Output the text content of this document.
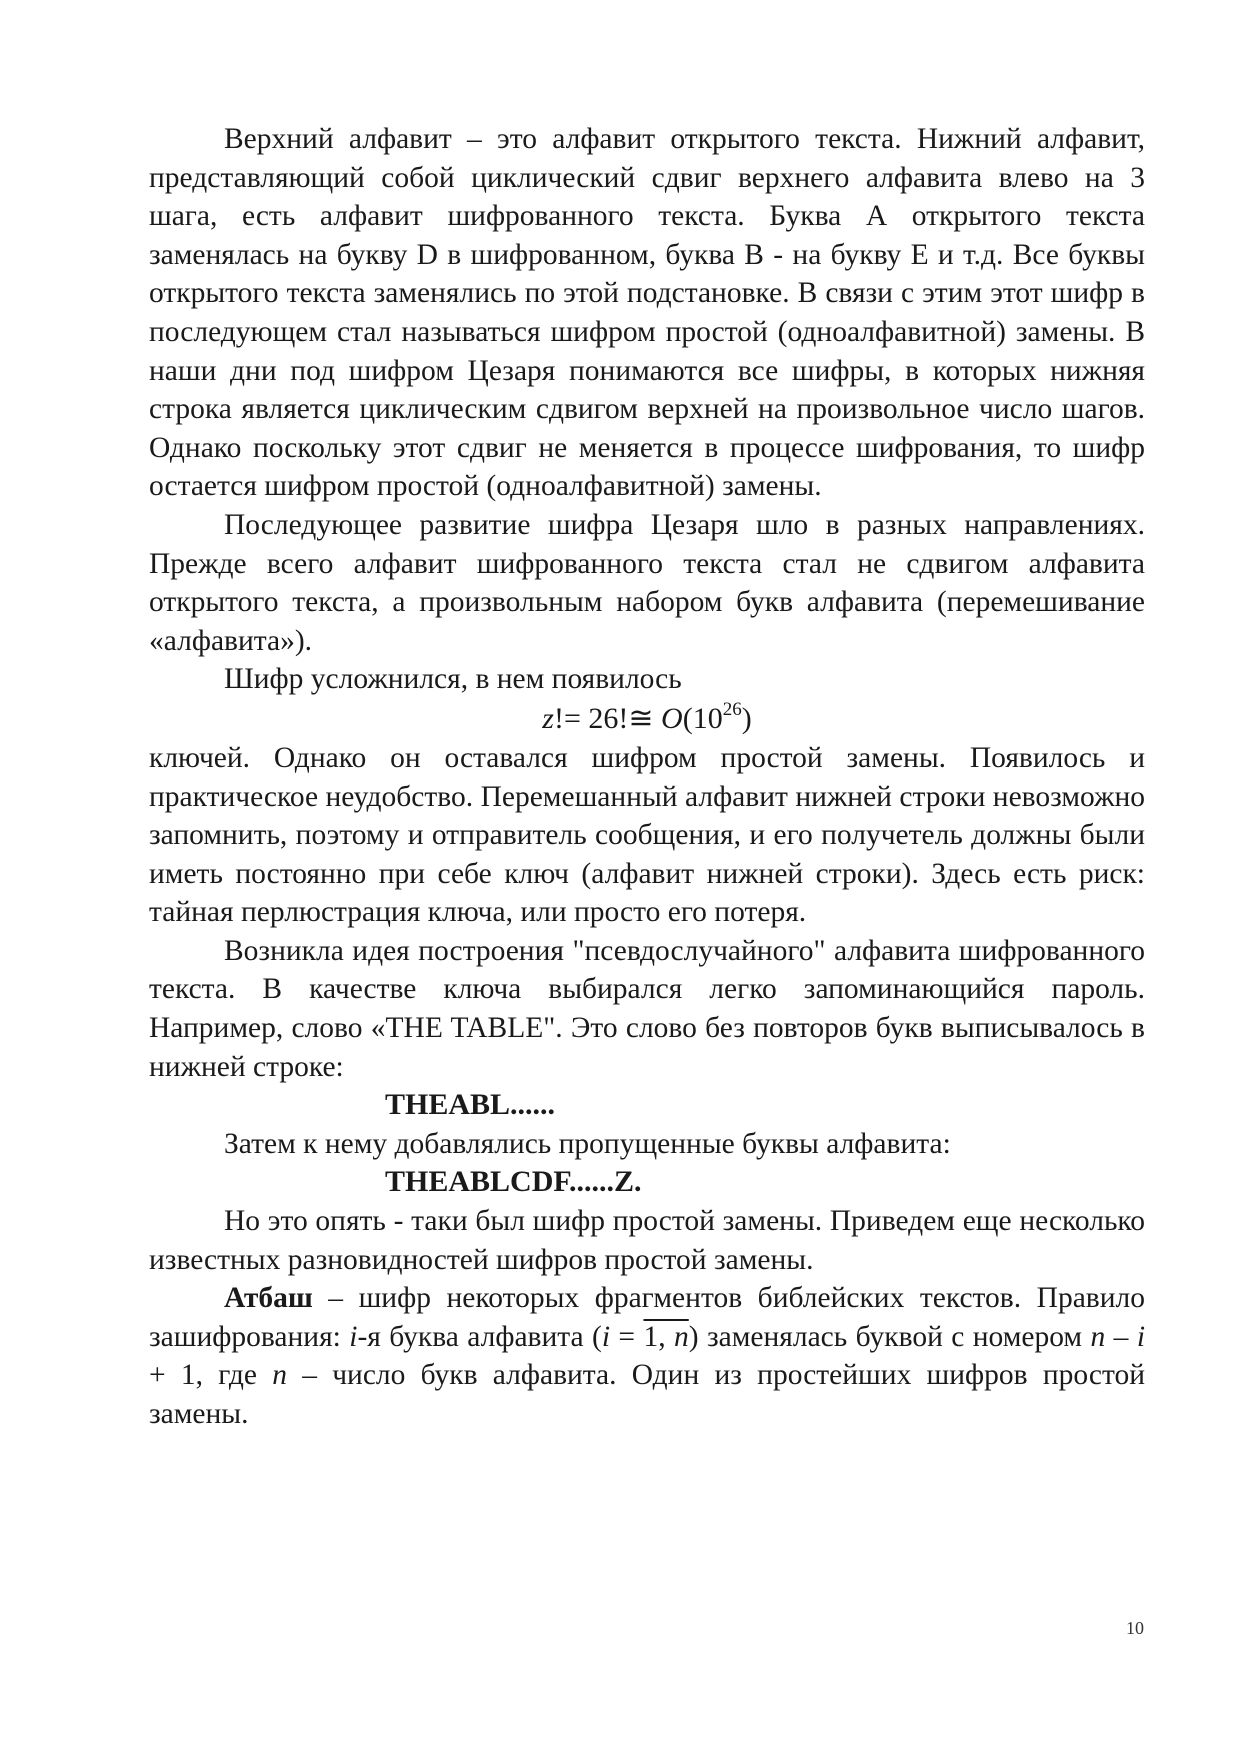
Верхний алфавит – это алфавит открытого текста. Нижний алфавит, представляющий собой циклический сдвиг верхнего алфавита влево на 3 шага, есть алфавит шифрованного текста. Буква А открытого текста заменялась на букву D в шифрованном, буква В - на букву Е и т.д. Все буквы открытого текста заменялись по этой подстановке. В связи с этим этот шифр в последующем стал называться шифром простой (одноалфавитной) замены. В наши дни под шифром Цезаря понимаются все шифры, в которых нижняя строка является циклическим сдвигом верхней на произвольное число шагов. Однако поскольку этот сдвиг не меняется в процессе шифрования, то шифр остается шифром простой (одноалфавитной) замены.

Последующее развитие шифра Цезаря шло в разных направлениях. Прежде всего алфавит шифрованного текста стал не сдвигом алфавита открытого текста, а произвольным набором букв алфавита (перемешивание «алфавита»).

Шифр усложнился, в нем появилось

z!= 26!≅ $O(10^{26})$

ключей. Однако он оставался шифром простой замены. Появилось и практическое неудобство. Перемешанный алфавит нижней строки невозможно запомнить, поэтому и отправитель сообщения, и его получетель должны были иметь постоянно при себе ключ (алфавит нижней строки). Здесь есть риск: тайная перлюстрация ключа, или просто его потеря.

Возникла идея построения "псевдослучайного" алфавита шифрованного текста. В качестве ключа выбирался легко запоминающийся пароль. Например, слово «THE TABLE". Это слово без повторов букв выписывалось в нижней строке:

THEABL......

Затем к нему добавлялись пропущенные буквы алфавита:

THEABLCDF......Z.

Но это опять - таки был шифр простой замены. Приведем еще несколько известных разновидностей шифров простой замены.

Атбаш – шифр некоторых фрагментов библейских текстов. Правило зашифрования: i-я буква алфавита (i = 1, n) заменялась буквой с номером n – i + 1, где n – число букв алфавита. Один из простейших шифров простой замены.

10
